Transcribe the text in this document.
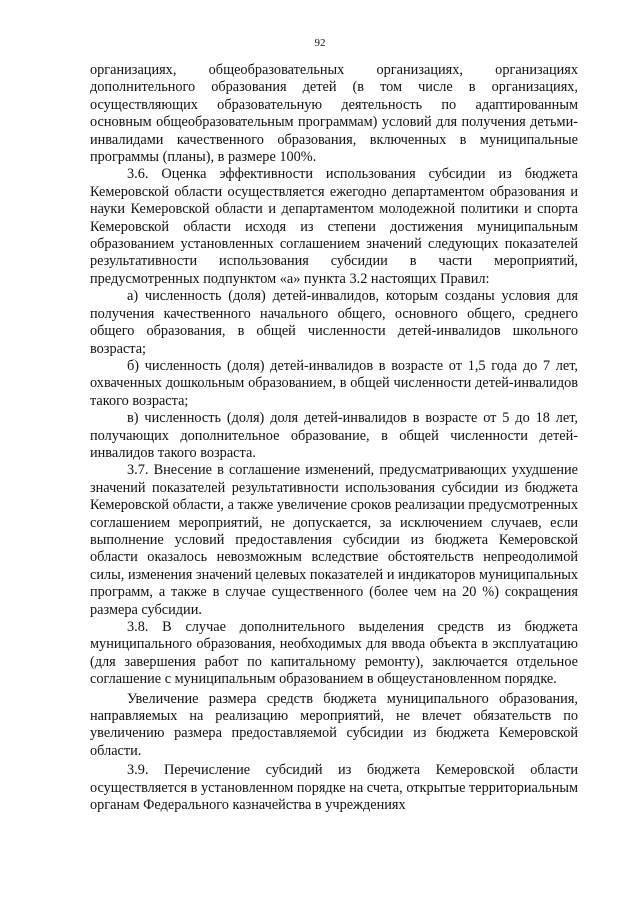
92

организациях, общеобразовательных организациях, организациях дополнительного образования детей (в том числе в организациях, осуществляющих образовательную деятельность по адаптированным основным общеобразовательным программам) условий для получения детьми-инвалидами качественного образования, включенных в муниципальные программы (планы), в размере 100%.

3.6. Оценка эффективности использования субсидии из бюджета Кемеровской области осуществляется ежегодно департаментом образования и науки Кемеровской области и департаментом молодежной политики и спорта Кемеровской области исходя из степени достижения муниципальным образованием установленных соглашением значений следующих показателей результативности использования субсидии в части мероприятий, предусмотренных подпунктом «а» пункта 3.2 настоящих Правил:

а) численность (доля) детей-инвалидов, которым созданы условия для получения качественного начального общего, основного общего, среднего общего образования, в общей численности детей-инвалидов школьного возраста;

б) численность (доля) детей-инвалидов в возрасте от 1,5 года до 7 лет, охваченных дошкольным образованием, в общей численности детей-инвалидов такого возраста;

в) численность (доля) доля детей-инвалидов в возрасте от 5 до 18 лет, получающих дополнительное образование, в общей численности детей-инвалидов такого возраста.

3.7. Внесение в соглашение изменений, предусматривающих ухудшение значений показателей результативности использования субсидии из бюджета Кемеровской области, а также увеличение сроков реализации предусмотренных соглашением мероприятий, не допускается, за исключением случаев, если выполнение условий предоставления субсидии из бюджета Кемеровской области оказалось невозможным вследствие обстоятельств непреодолимой силы, изменения значений целевых показателей и индикаторов муниципальных программ, а также в случае существенного (более чем на 20 %) сокращения размера субсидии.

3.8. В случае дополнительного выделения средств из бюджета муниципального образования, необходимых для ввода объекта в эксплуатацию (для завершения работ по капитальному ремонту), заключается отдельное соглашение с муниципальным образованием в общеустановленном порядке.

Увеличение размера средств бюджета муниципального образования, направляемых на реализацию мероприятий, не влечет обязательств по увеличению размера предоставляемой субсидии из бюджета Кемеровской области.

3.9. Перечисление субсидий из бюджета Кемеровской области осуществляется в установленном порядке на счета, открытые территориальным органам Федерального казначейства в учреждениях
